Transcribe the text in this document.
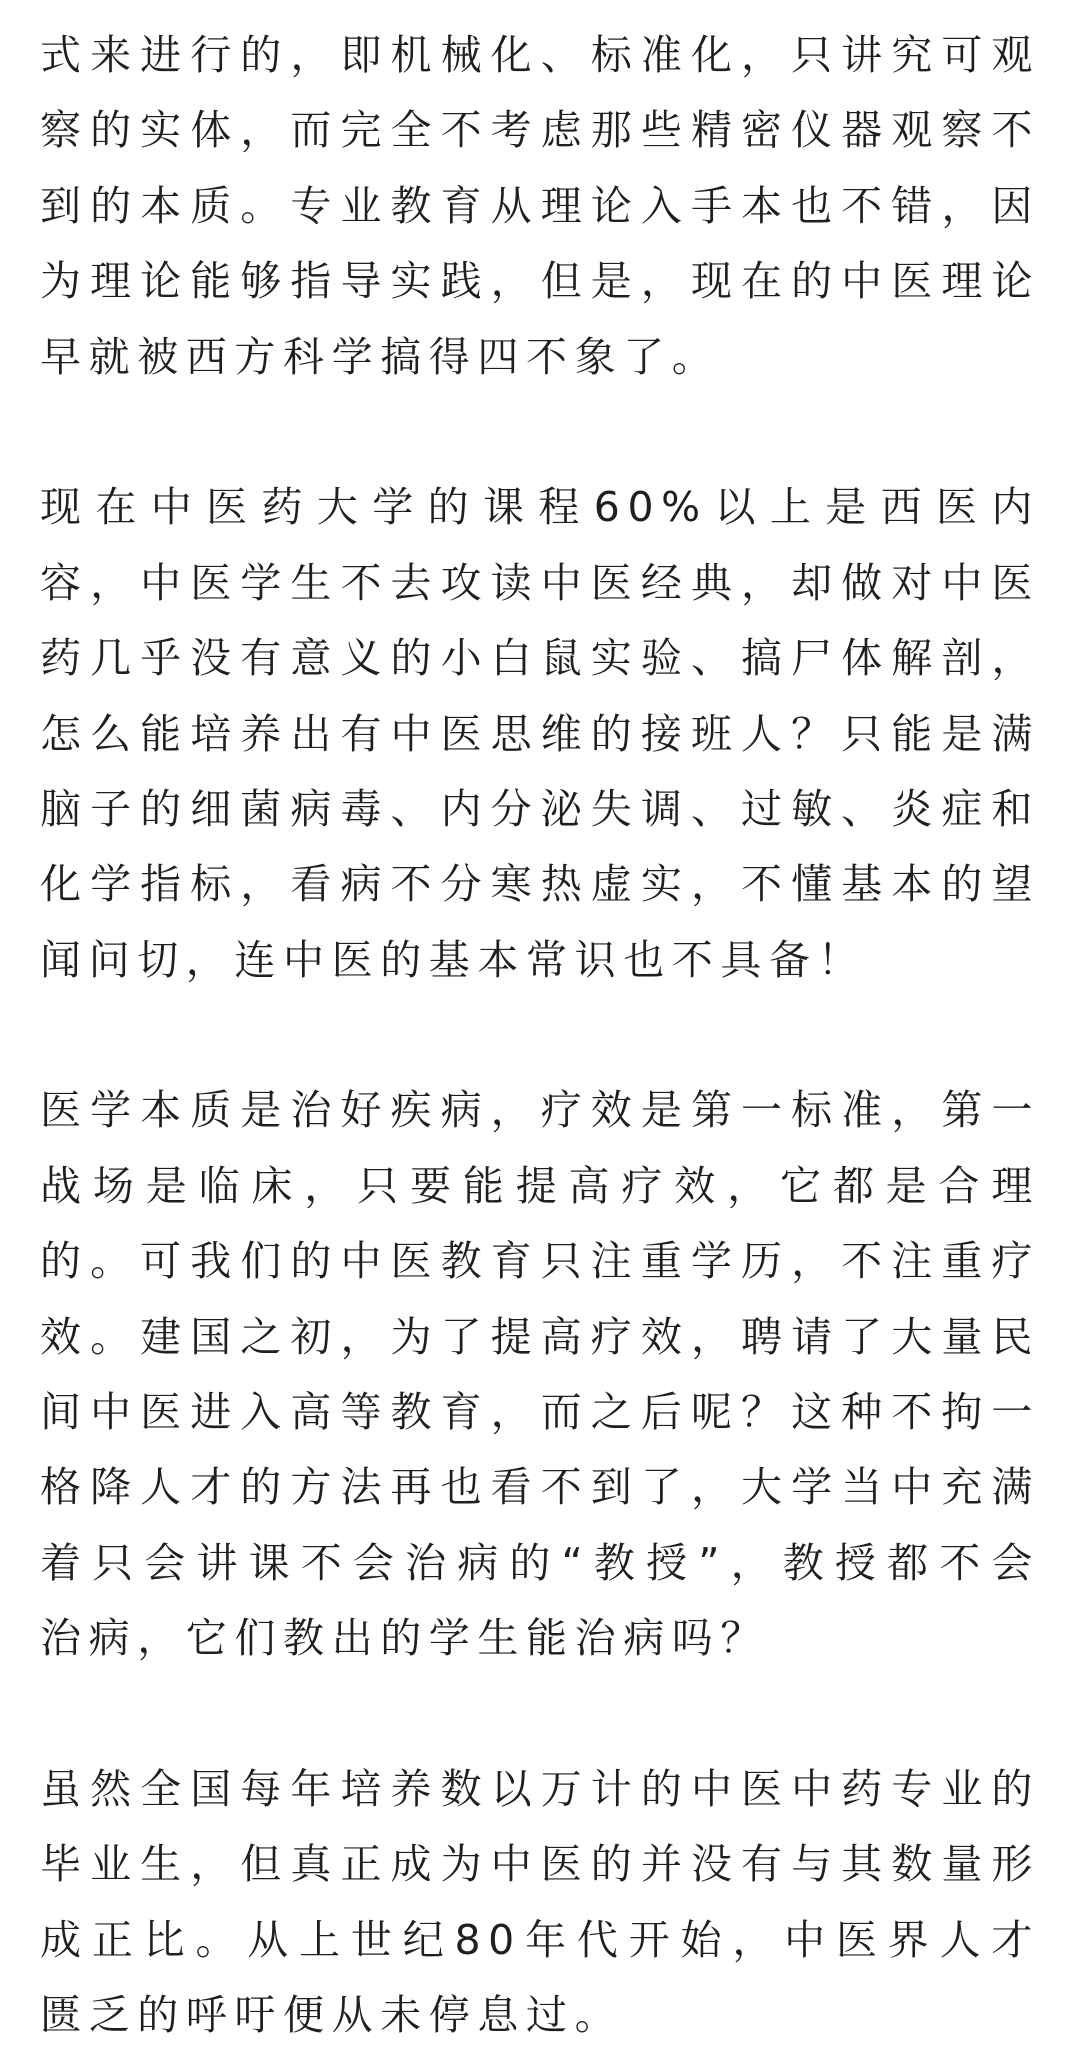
式来进行的，即机械化、标准化，只讲究可观
察的实体，而完全不考虑那些精密仪器观察不
到的本质。专业教育从理论入手本也不错，因
为理论能够指导实践，但是，现在的中医理论
早就被西方科学搞得四不象了。
现在中医药大学的课程60%以上是西医内
容，中医学生不去攻读中医经典，却做对中医
药几乎没有意义的小白鼠实验、搞尸体解剖，
怎么能培养出有中医思维的接班人？只能是满
脑子的细菌病毒、内分泌失调、过敏、炎症和
化学指标，看病不分寒热虚实，不懂基本的望
闻问切，连中医的基本常识也不具备！
医学本质是治好疾病，疗效是第一标准，第一
战场是临床，只要能提高疗效，它都是合理
的。可我们的中医教育只注重学历，不注重疗
效。建国之初，为了提高疗效，聘请了大量民
间中医进入高等教育，而之后呢？这种不拘一
格降人才的方法再也看不到了，大学当中充满
着只会讲课不会治病的“教授”，教授都不会
治病，它们教出的学生能治病吗？
虽然全国每年培养数以万计的中医中药专业的
毕业生，但真正成为中医的并没有与其数量形
成正比。从上世纪80年代开始，中医界人才
匮乏的呼吁便从未停息过。
